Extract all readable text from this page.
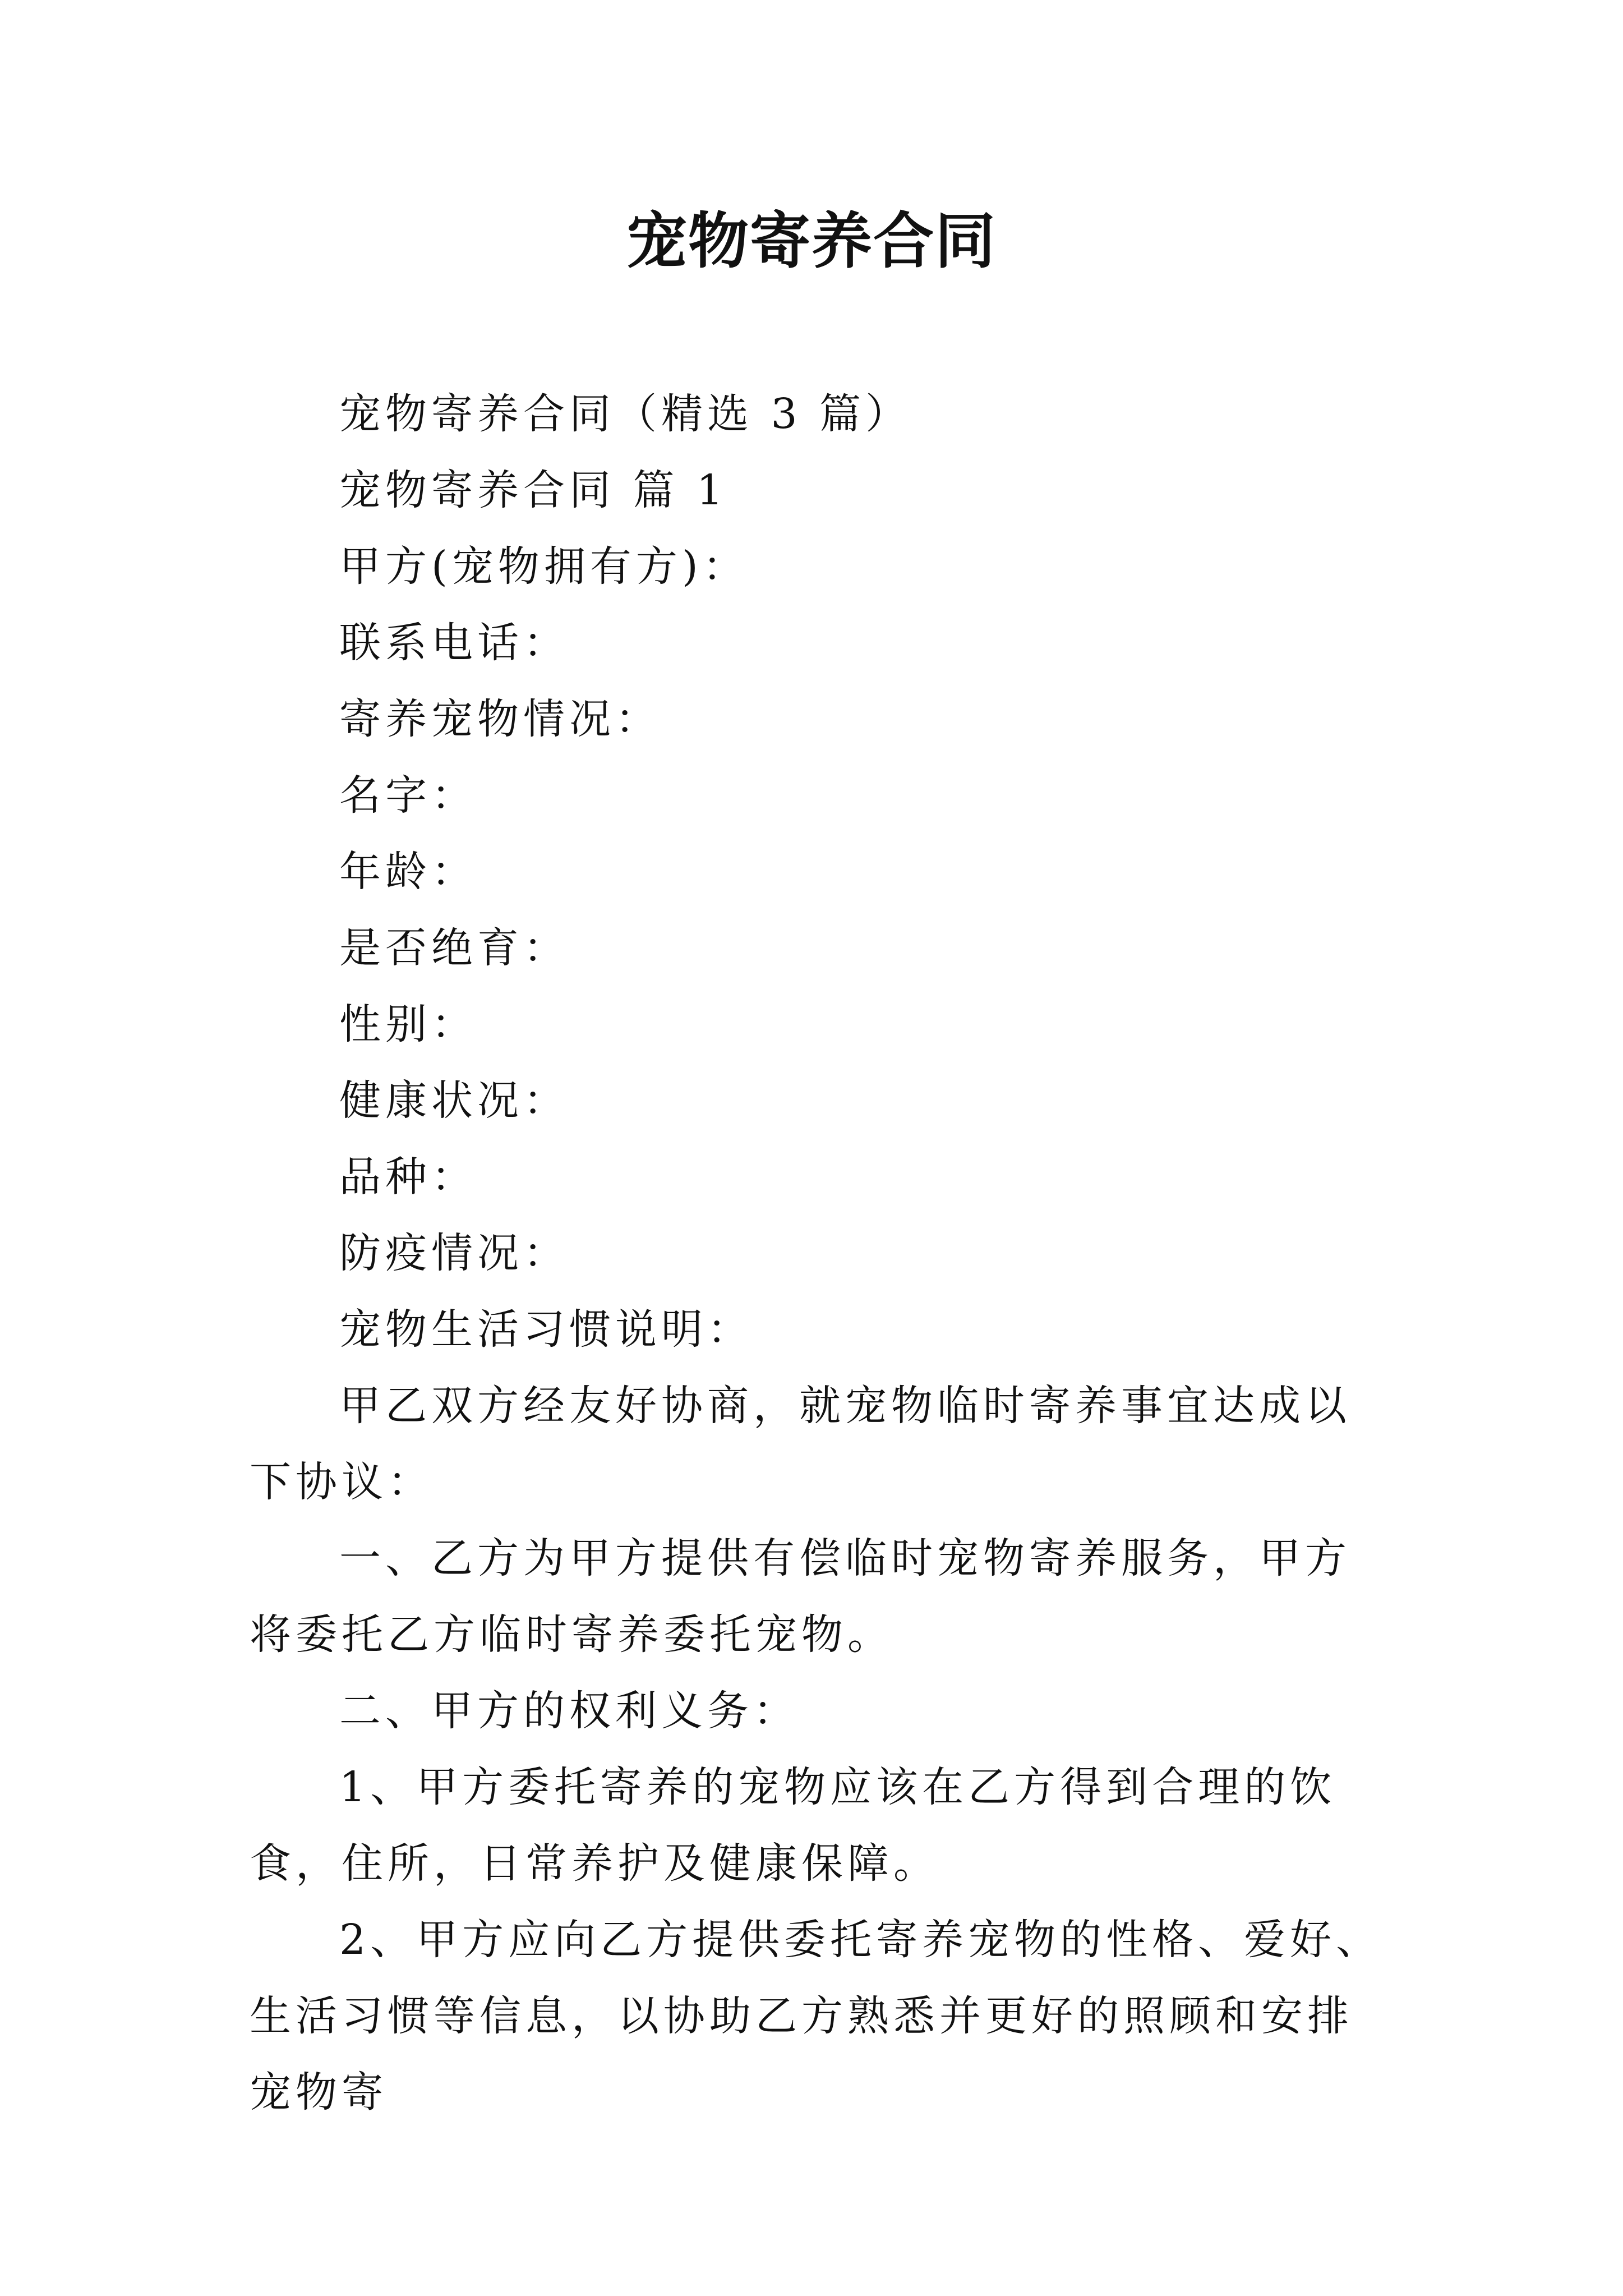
宠物寄养合同

宠物寄养合同（精选 3 篇）

宠物寄养合同 篇 1

甲方(宠物拥有方)：

联系电话：

寄养宠物情况：

名字：

年龄：

是否绝育：

性别：

健康状况：

品种：

防疫情况：

宠物生活习惯说明：

甲乙双方经友好协商，就宠物临时寄养事宜达成以下协议：

一、乙方为甲方提供有偿临时宠物寄养服务，甲方将委托乙方临时寄养委托宠物。

二、甲方的权利义务：

1、甲方委托寄养的宠物应该在乙方得到合理的饮食，住所，日常养护及健康保障。

2、甲方应向乙方提供委托寄养宠物的性格、爱好、生活习惯等信息，以协助乙方熟悉并更好的照顾和安排宠物寄
